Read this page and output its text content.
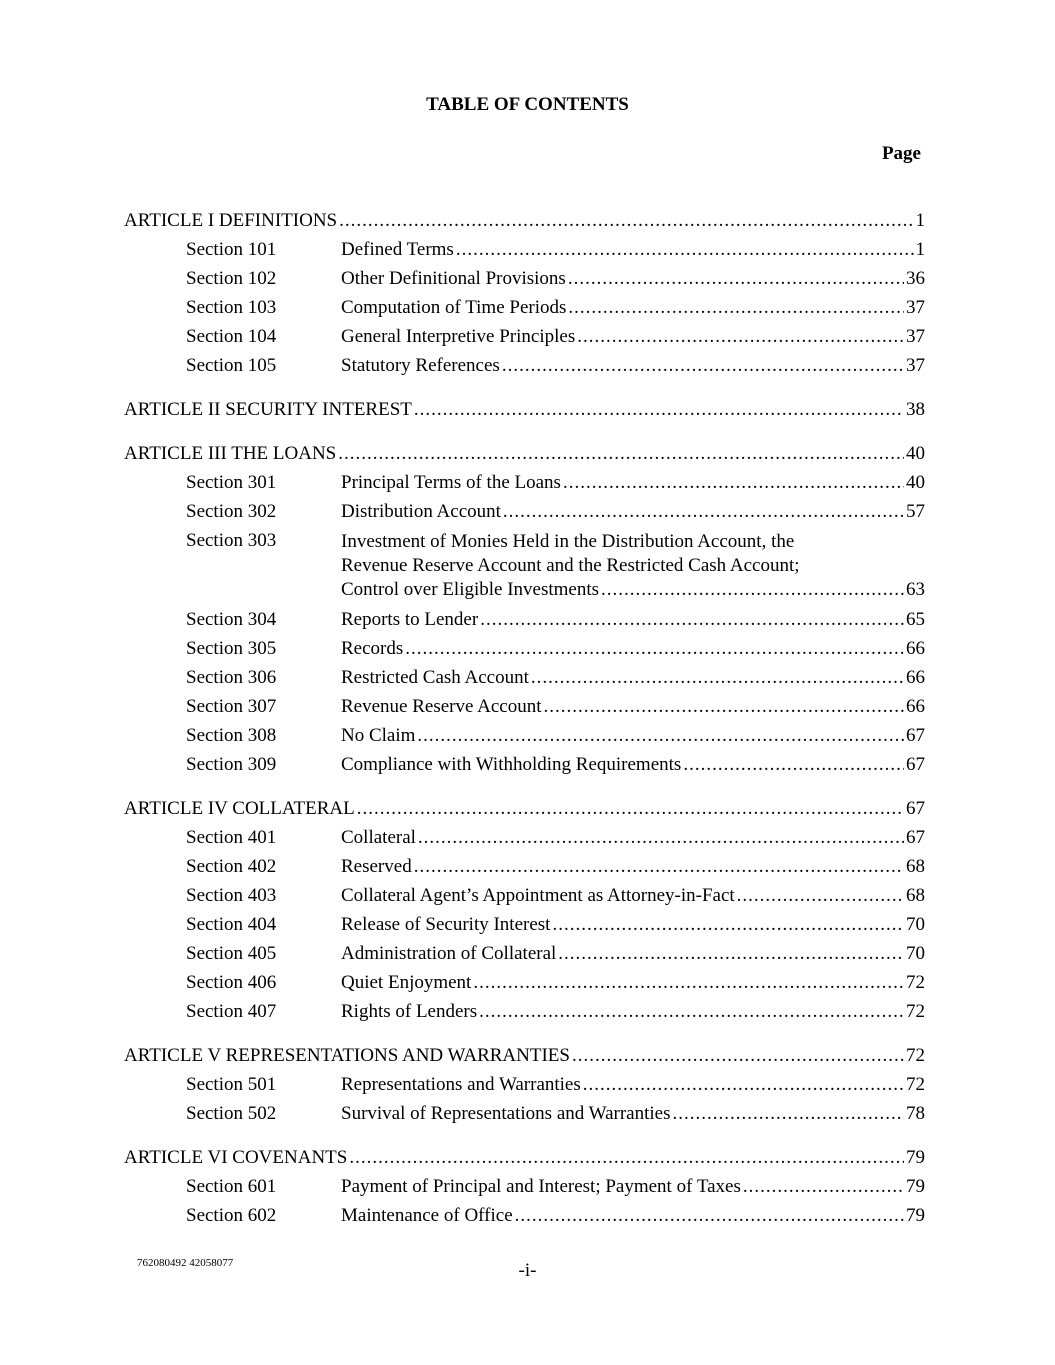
TABLE OF CONTENTS
Page
ARTICLE I DEFINITIONS .....	1
Section 101	Defined Terms .....	1
Section 102	Other Definitional Provisions .....	36
Section 103	Computation of Time Periods .....	37
Section 104	General Interpretive Principles .....	37
Section 105	Statutory References .....	37
ARTICLE II SECURITY INTEREST .....	38
ARTICLE III THE LOANS .....	40
Section 301	Principal Terms of the Loans .....	40
Section 302	Distribution Account .....	57
Section 303	Investment of Monies Held in the Distribution Account, the
Revenue Reserve Account and the Restricted Cash Account;
Control over Eligible Investments .....	63
Section 304	Reports to Lender .....	65
Section 305	Records .....	66
Section 306	Restricted Cash Account .....	66
Section 307	Revenue Reserve Account .....	66
Section 308	No Claim .....	67
Section 309	Compliance with Withholding Requirements .....	67
ARTICLE IV COLLATERAL .....	67
Section 401	Collateral .....	67
Section 402	Reserved .....	68
Section 403	Collateral Agent’s Appointment as Attorney-in-Fact .....	68
Section 404	Release of Security Interest .....	70
Section 405	Administration of Collateral .....	70
Section 406	Quiet Enjoyment .....	72
Section 407	Rights of Lenders .....	72
ARTICLE V REPRESENTATIONS AND WARRANTIES .....	72
Section 501	Representations and Warranties .....	72
Section 502	Survival of Representations and Warranties .....	78
ARTICLE VI COVENANTS .....	79
Section 601	Payment of Principal and Interest; Payment of Taxes .....	79
Section 602	Maintenance of Office .....	79
762080492 42058077	-i-
